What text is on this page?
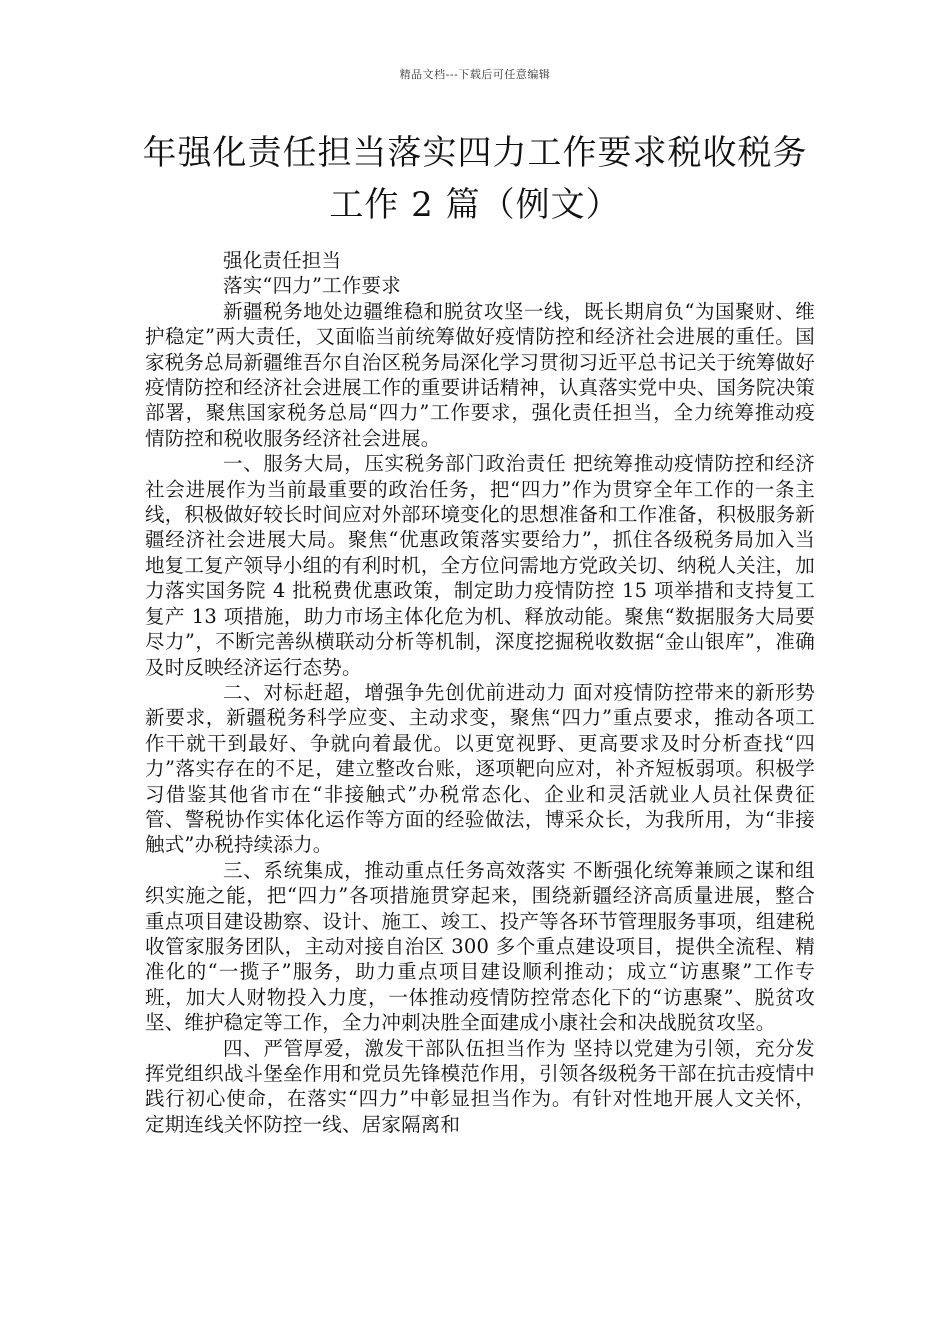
精品文档---下载后可任意编辑
年强化责任担当落实四力工作要求税收税务工作 2 篇（例文）

强化责任担当

落实“四力”工作要求

新疆税务地处边疆维稳和脱贫攻坚一线，既长期肩负“为国聚财、维护稳定”两大责任，又面临当前统筹做好疫情防控和经济社会进展的重任。国家税务总局新疆维吾尔自治区税务局深化学习贯彻习近平总书记关于统筹做好疫情防控和经济社会进展工作的重要讲话精神，认真落实党中央、国务院决策部署，聚焦国家税务总局“四力”工作要求，强化责任担当，全力统筹推动疫情防控和税收服务经济社会进展。

一、服务大局，压实税务部门政治责任 把统筹推动疫情防控和经济社会进展作为当前最重要的政治任务，把“四力”作为贯穿全年工作的一条主线，积极做好较长时间应对外部环境变化的思想准备和工作准备，积极服务新疆经济社会进展大局。聚焦“优惠政策落实要给力”，抓住各级税务局加入当地复工复产领导小组的有利时机，全方位问需地方党政关切、纳税人关注，加力落实国务院 4 批税费优惠政策，制定助力疫情防控 15 项举措和支持复工复产 13 项措施，助力市场主体化危为机、释放动能。聚焦“数据服务大局要尽力”，不断完善纵横联动分析等机制，深度挖掘税收数据“金山银库”，准确及时反映经济运行态势。

二、对标赶超，增强争先创优前进动力 面对疫情防控带来的新形势新要求，新疆税务科学应变、主动求变，聚焦“四力”重点要求，推动各项工作干就干到最好、争就向着最优。以更宽视野、更高要求及时分析查找“四力”落实存在的不足，建立整改台账，逐项靶向应对，补齐短板弱项。积极学习借鉴其他省市在“非接触式”办税常态化、企业和灵活就业人员社保费征管、警税协作实体化运作等方面的经验做法，博采众长，为我所用，为“非接触式”办税持续添力。

三、系统集成，推动重点任务高效落实 不断强化统筹兼顾之谋和组织实施之能，把“四力”各项措施贯穿起来，围绕新疆经济高质量进展，整合重点项目建设勘察、设计、施工、竣工、投产等各环节管理服务事项，组建税收管家服务团队，主动对接自治区 300 多个重点建设项目，提供全流程、精准化的“一揽子”服务，助力重点项目建设顺利推动；成立“访惠聚”工作专班，加大人财物投入力度，一体推动疫情防控常态化下的“访惠聚”、脱贫攻坚、维护稳定等工作，全力冲刺决胜全面建成小康社会和决战脱贫攻坚。

四、严管厚爱，激发干部队伍担当作为 坚持以党建为引领，充分发挥党组织战斗堡垒作用和党员先锋模范作用，引领各级税务干部在抗击疫情中践行初心使命，在落实“四力”中彰显担当作为。有针对性地开展人文关怀，定期连线关怀防控一线、居家隔离和
